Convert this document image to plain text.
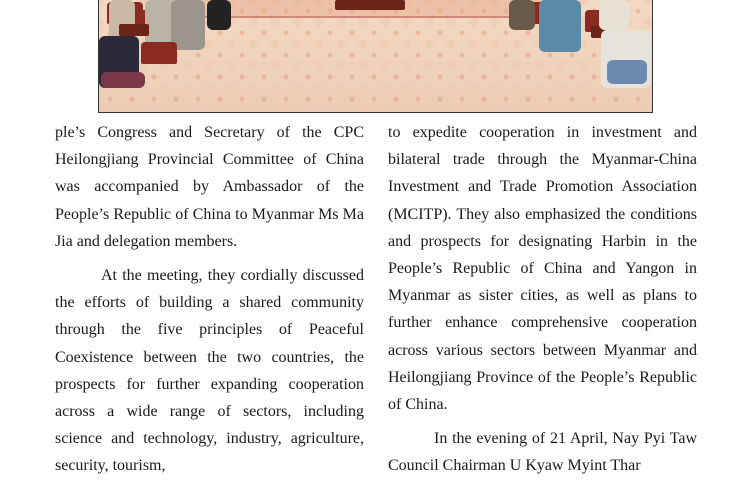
ple’s Congress and Secretary of the CPC Heilongjiang Provincial Committee of China was accompanied by Ambassador of the People’s Republic of China to Myanmar Ms Ma Jia and delegation members.

At the meeting, they cordially discussed the efforts of building a shared community through the five principles of Peaceful Coexistence between the two countries, the prospects for further expanding cooperation across a wide range of sectors, including science and technology, industry, agriculture, security, tourism,

to expedite cooperation in investment and bilateral trade through the Myanmar-China Investment and Trade Promotion Association (MCITP). They also emphasized the conditions and prospects for designating Harbin in the People’s Republic of China and Yangon in Myanmar as sister cities, as well as plans to further enhance comprehensive cooperation across various sectors between Myanmar and Heilongjiang Province of the People’s Republic of China.

In the evening of 21 April, Nay Pyi Taw Council Chairman U Kyaw Myint Thar
